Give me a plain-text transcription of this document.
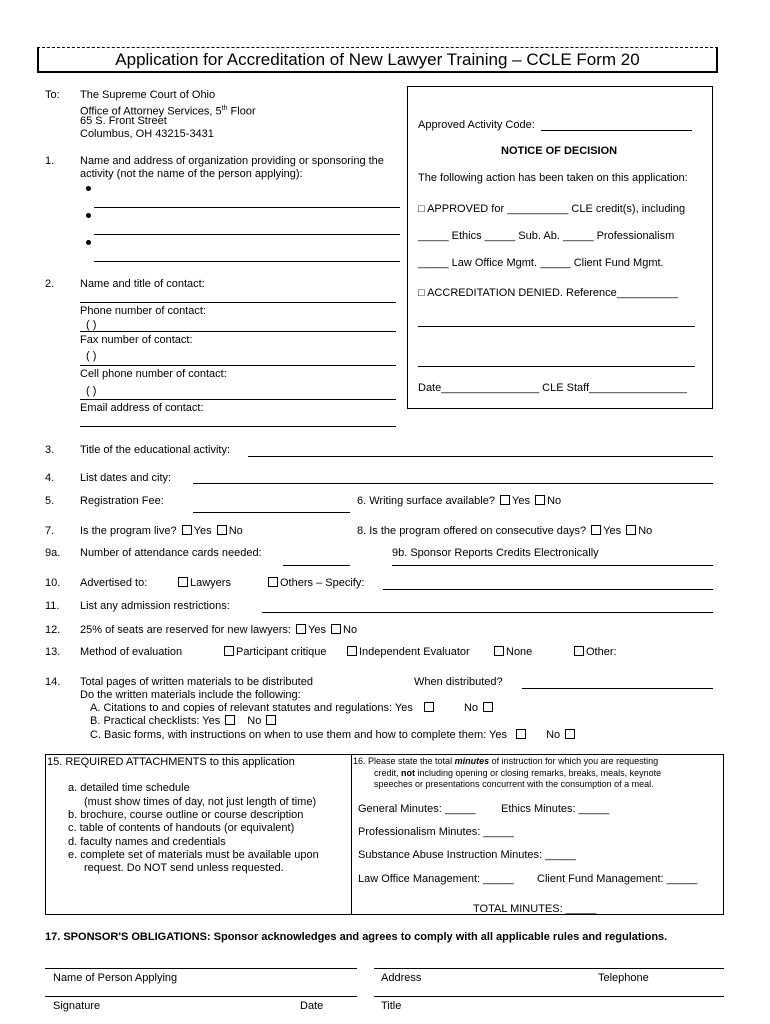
Application for Accreditation of New Lawyer Training – CCLE Form 20
To: The Supreme Court of Ohio
Office of Attorney Services, 5th Floor
65 S. Front Street
Columbus, OH 43215-3431
Approved Activity Code:
NOTICE OF DECISION
The following action has been taken on this application:
□ APPROVED for __________ CLE credit(s), including
_____ Ethics _____ Sub. Ab. _____ Professionalism
_____ Law Office Mgmt. _____ Client Fund Mgmt.
□ ACCREDITATION DENIED. Reference__________
Date________________ CLE Staff________________
1. Name and address of organization providing or sponsoring the
activity (not the name of the person applying):
2. Name and title of contact:
Phone number of contact:
( )
Fax number of contact:
( )
Cell phone number of contact:
( )
Email address of contact:
3. Title of the educational activity:
4. List dates and city:
5. Registration Fee:	6. Writing surface available? Yes No
7. Is the program live? Yes No	8. Is the program offered on consecutive days? Yes No
9a. Number of attendance cards needed:	9b. Sponsor Reports Credits Electronically
10. Advertised to:	Lawyers	Others – Specify:
11. List any admission restrictions:
12. 25% of seats are reserved for new lawyers: Yes No
13. Method of evaluation	Participant critique	Independent Evaluator	None	Other:
14. Total pages of written materials to be distributed	When distributed?
Do the written materials include the following:
A. Citations to and copies of relevant statutes and regulations: Yes	No
B. Practical checklists: Yes No
C. Basic forms, with instructions on when to use them and how to complete them: Yes	No
15. REQUIRED ATTACHMENTS to this application
a. detailed time schedule
(must show times of day, not just length of time)
b. brochure, course outline or course description
c. table of contents of handouts (or equivalent)
d. faculty names and credentials
e. complete set of materials must be available upon
request. Do NOT send unless requested.
16. Please state the total minutes of instruction for which you are requesting
credit, not including opening or closing remarks, breaks, meals, keynote
speeches or presentations concurrent with the consumption of a meal.
General Minutes: _____ Ethics Minutes: _____
Professionalism Minutes: _____
Substance Abuse Instruction Minutes: _____
Law Office Management: _____ Client Fund Management: _____
TOTAL MINUTES: _____
17. SPONSOR'S OBLIGATIONS: Sponsor acknowledges and agrees to comply with all applicable rules and regulations.
Name of Person Applying	Address	Telephone
Signature	Date	Title
